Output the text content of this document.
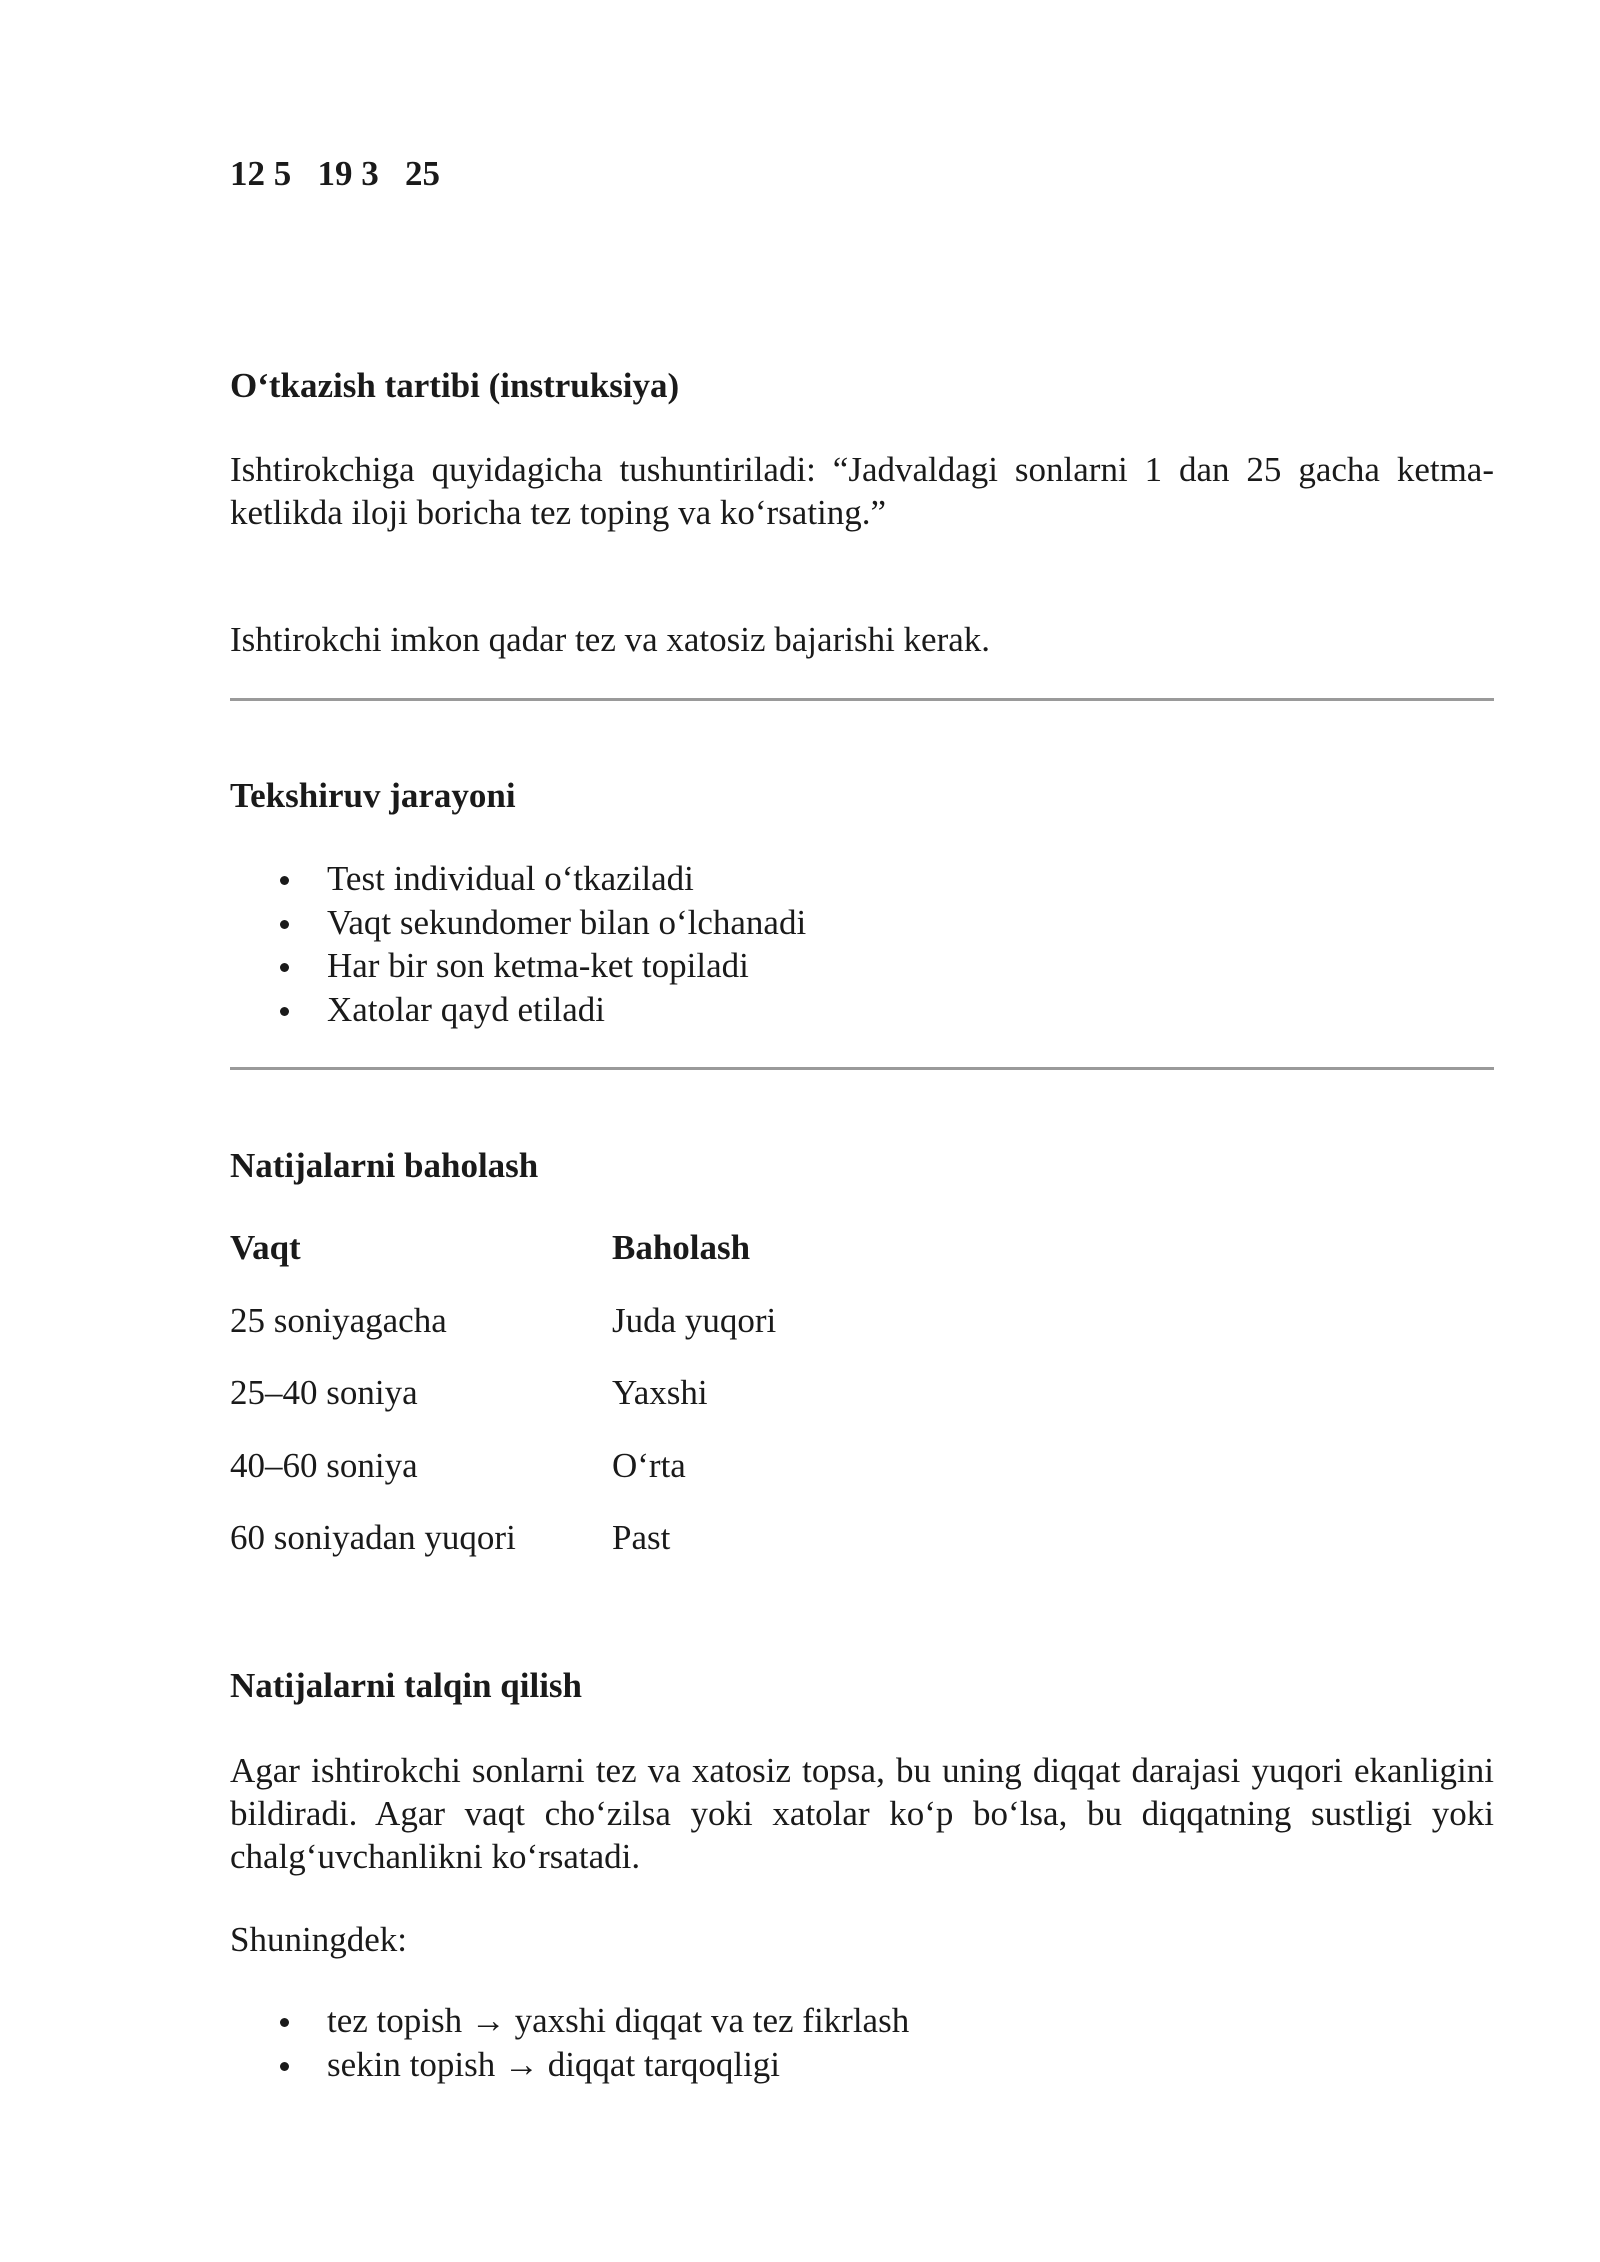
12 5   19 3   25
O‘tkazish tartibi (instruksiya)

Ishtirokchiga quyidagicha tushuntiriladi: “Jadvaldagi sonlarni 1 dan 25 gacha ketma-ketlikda iloji boricha tez toping va ko‘rsating.”

Ishtirokchi imkon qadar tez va xatosiz bajarishi kerak.

Tekshiruv jarayoni
Test individual o‘tkaziladi
Vaqt sekundomer bilan o‘lchanadi
Har bir son ketma-ket topiladi
Xatolar qayd etiladi
Natijalarni baholash
Vaqt	Baholash
25 soniyagacha	Juda yuqori
25–40 soniya	Yaxshi
40–60 soniya	O‘rta
60 soniyadan yuqori	Past
Natijalarni talqin qilish

Agar ishtirokchi sonlarni tez va xatosiz topsa, bu uning diqqat darajasi yuqori ekanligini bildiradi. Agar vaqt cho‘zilsa yoki xatolar ko‘p bo‘lsa, bu diqqatning sustligi yoki chalg‘uvchanlikni ko‘rsatadi.

Shuningdek:

tez topish → yaxshi diqqat va tez fikrlash
sekin topish → diqqat tarqoqligi
